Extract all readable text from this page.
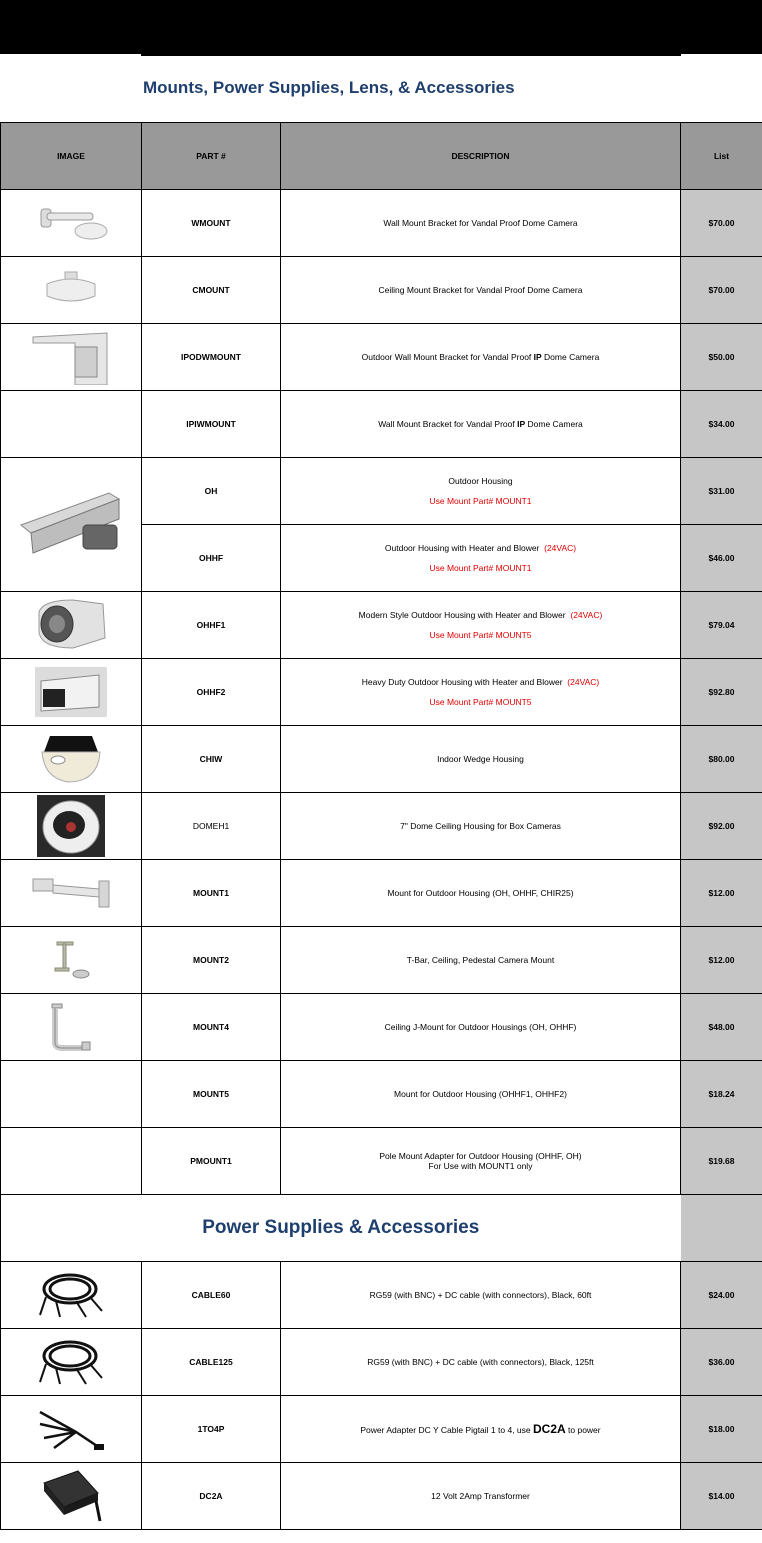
Mounts, Power Supplies, Lens, & Accessories
IMAGE	PART #	DESCRIPTION	List

	WMOUNT	Wall Mount Bracket for Vandal Proof Dome Camera	$70.00

	CMOUNT	Ceiling Mount Bracket for Vandal Proof Dome Camera	$70.00

	IPODWMOUNT	Outdoor Wall Mount Bracket for Vandal Proof IP Dome Camera	$50.00
	IPIWMOUNT	Wall Mount Bracket for Vandal Proof IP Dome Camera	$34.00

	OH	Outdoor Housing
Use Mount Part# MOUNT1	$31.00
	OHHF	Outdoor Housing with Heater and Blower (24VAC)
Use Mount Part# MOUNT1	$46.00

	OHHF1	Modern Style Outdoor Housing with Heater and Blower (24VAC)
Use Mount Part# MOUNT5	$79.04

	OHHF2	Heavy Duty Outdoor Housing with Heater and Blower (24VAC)
Use Mount Part# MOUNT5	$92.80

	CHIW	Indoor Wedge Housing	$80.00

	DOMEH1	7" Dome Ceiling Housing for Box Cameras	$92.00

	MOUNT1	Mount for Outdoor Housing (OH, OHHF, CHIR25)	$12.00

	MOUNT2	T-Bar, Ceiling, Pedestal Camera Mount	$12.00

	MOUNT4	Ceiling J-Mount for Outdoor Housings (OH, OHHF)	$48.00
	MOUNT5	Mount for Outdoor Housing (OHHF1, OHHF2)	$18.24
	PMOUNT1	Pole Mount Adapter for Outdoor Housing (OHHF, OH)
For Use with MOUNT1 only	$19.68
Power Supplies & Accessories			

	CABLE60	RG59 (with BNC) + DC cable (with connectors), Black, 60ft	$24.00

	CABLE125	RG59 (with BNC) + DC cable (with connectors), Black, 125ft	$36.00

	1TO4P	Power Adapter DC Y Cable Pigtail 1 to 4, use DC2A to power	$18.00

	DC2A	12 Volt 2Amp Transformer	$14.00
